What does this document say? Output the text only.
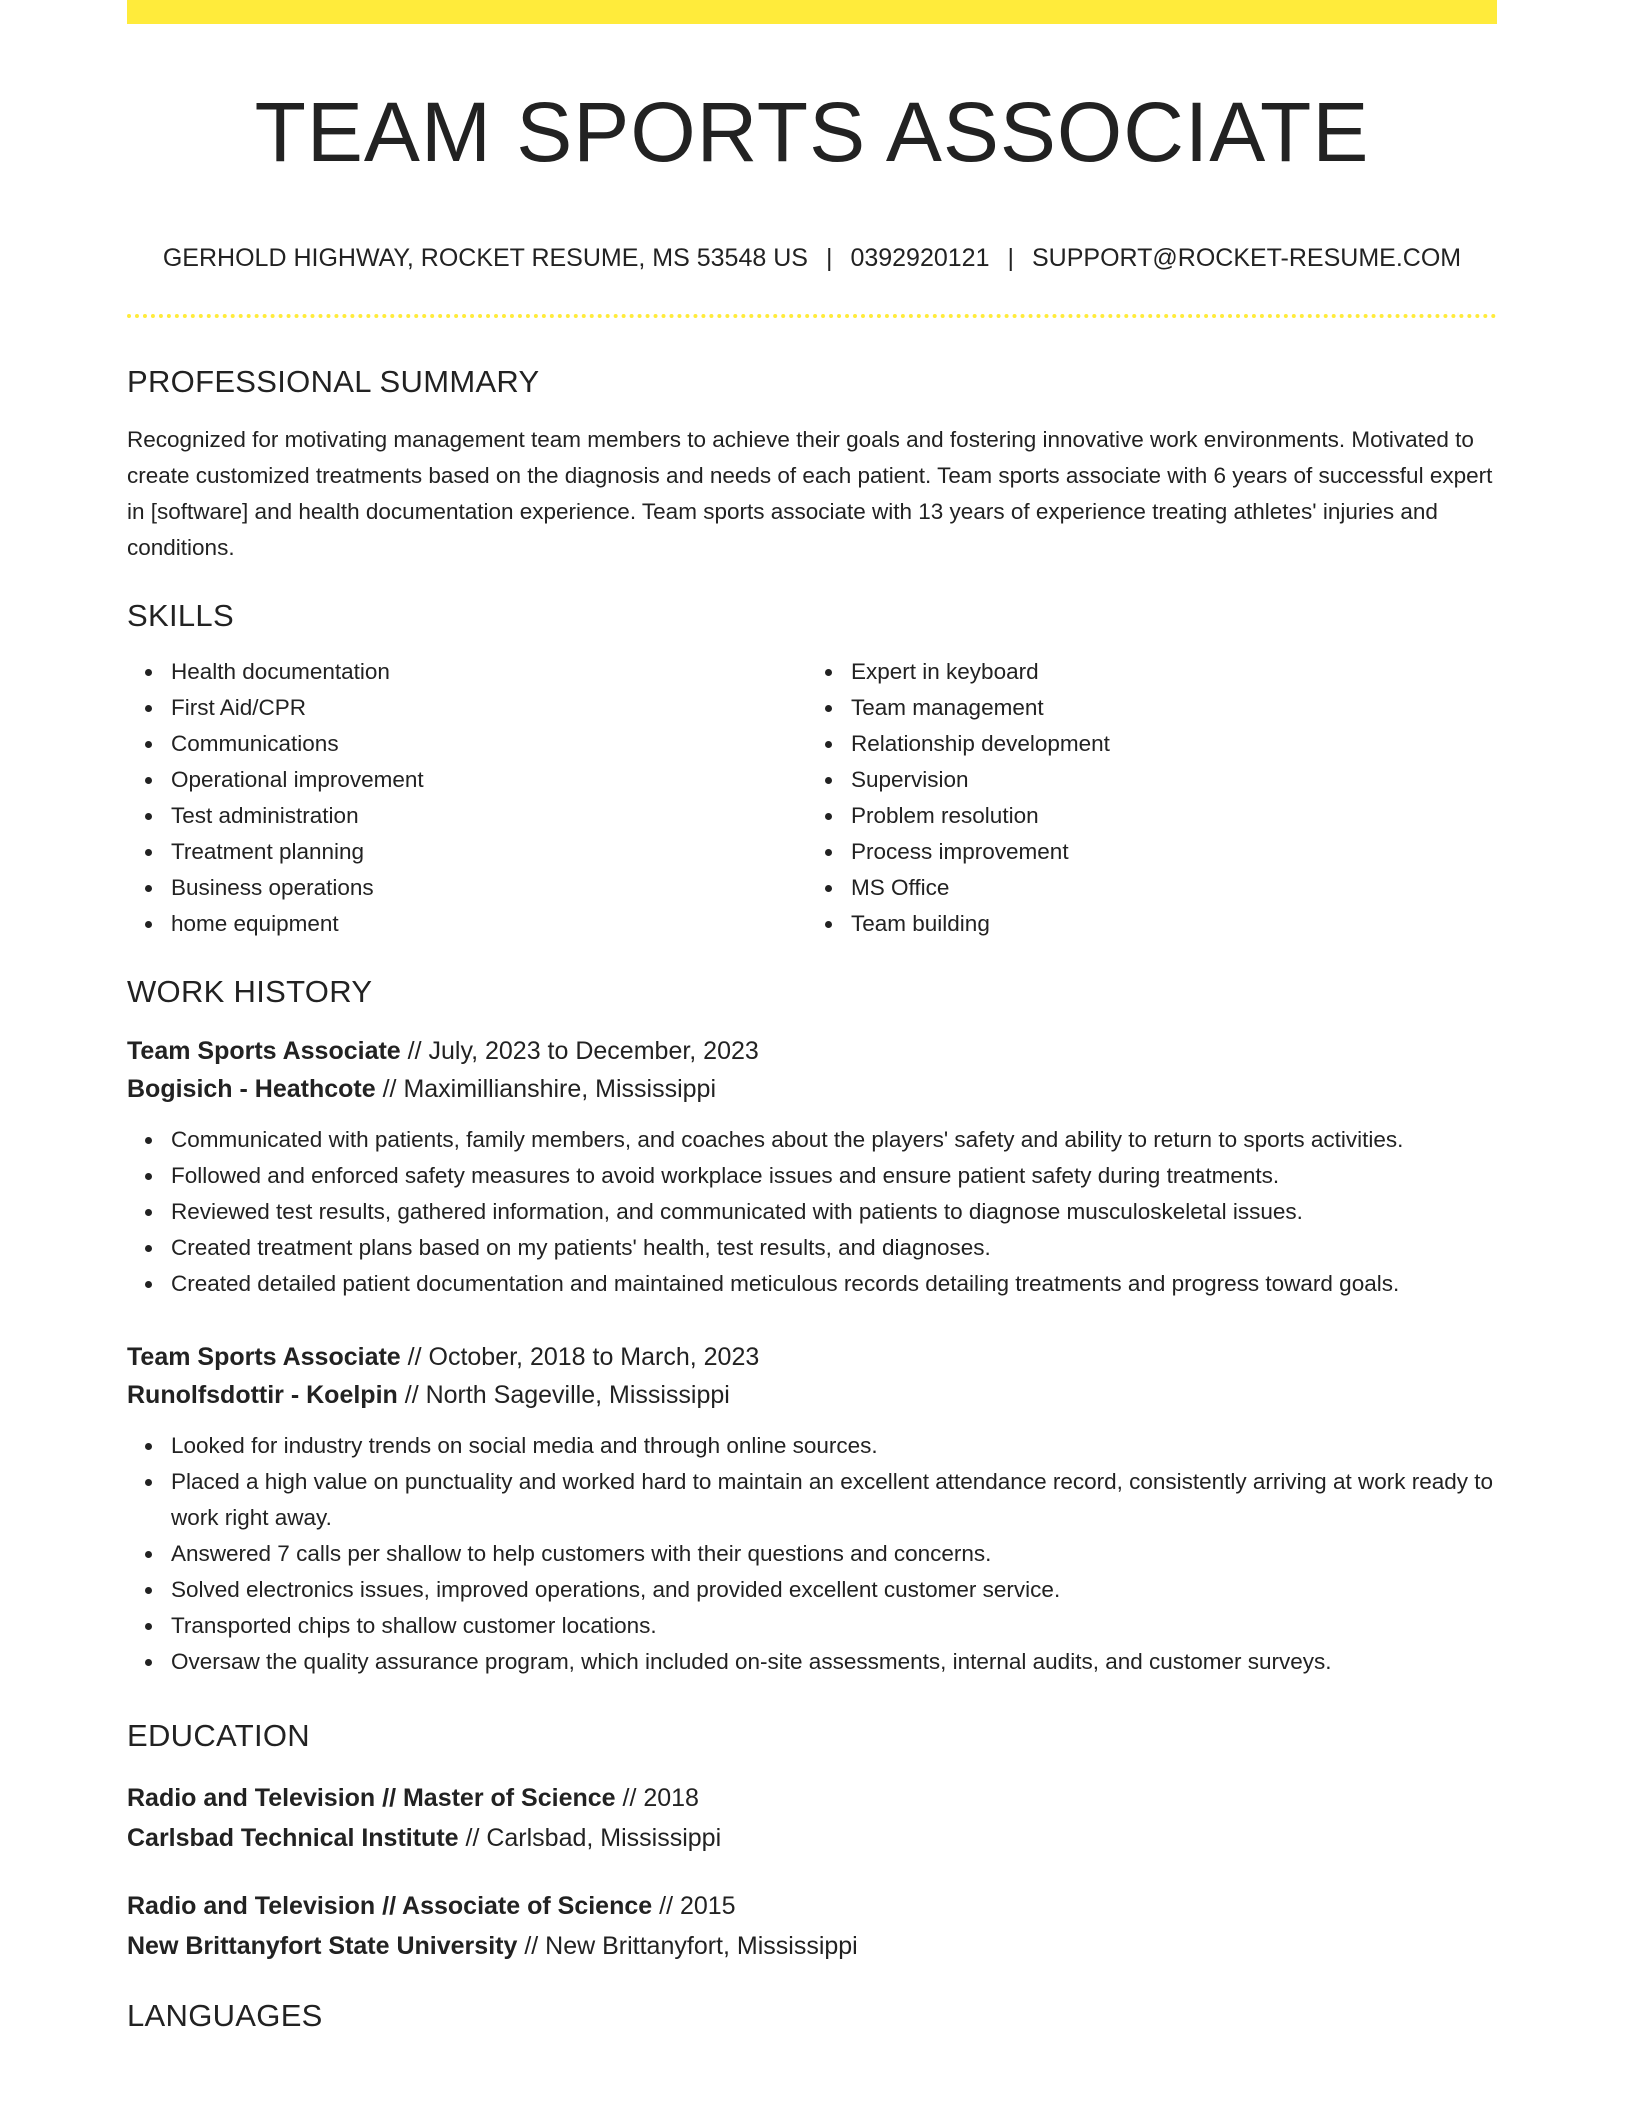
TEAM SPORTS ASSOCIATE
GERHOLD HIGHWAY, ROCKET RESUME, MS 53548 US | 0392920121 | SUPPORT@ROCKET-RESUME.COM
PROFESSIONAL SUMMARY
Recognized for motivating management team members to achieve their goals and fostering innovative work environments. Motivated to create customized treatments based on the diagnosis and needs of each patient. Team sports associate with 6 years of successful expert in [software] and health documentation experience. Team sports associate with 13 years of experience treating athletes' injuries and conditions.
SKILLS
Health documentation
First Aid/CPR
Communications
Operational improvement
Test administration
Treatment planning
Business operations
home equipment
Expert in keyboard
Team management
Relationship development
Supervision
Problem resolution
Process improvement
MS Office
Team building
WORK HISTORY
Team Sports Associate // July, 2023 to December, 2023
Bogisich - Heathcote // Maximillianshire, Mississippi
Communicated with patients, family members, and coaches about the players' safety and ability to return to sports activities.
Followed and enforced safety measures to avoid workplace issues and ensure patient safety during treatments.
Reviewed test results, gathered information, and communicated with patients to diagnose musculoskeletal issues.
Created treatment plans based on my patients' health, test results, and diagnoses.
Created detailed patient documentation and maintained meticulous records detailing treatments and progress toward goals.
Team Sports Associate // October, 2018 to March, 2023
Runolfsdottir - Koelpin // North Sageville, Mississippi
Looked for industry trends on social media and through online sources.
Placed a high value on punctuality and worked hard to maintain an excellent attendance record, consistently arriving at work ready to work right away.
Answered 7 calls per shallow to help customers with their questions and concerns.
Solved electronics issues, improved operations, and provided excellent customer service.
Transported chips to shallow customer locations.
Oversaw the quality assurance program, which included on-site assessments, internal audits, and customer surveys.
EDUCATION
Radio and Television // Master of Science // 2018
Carlsbad Technical Institute // Carlsbad, Mississippi
Radio and Television // Associate of Science // 2015
New Brittanyfort State University // New Brittanyfort, Mississippi
LANGUAGES
